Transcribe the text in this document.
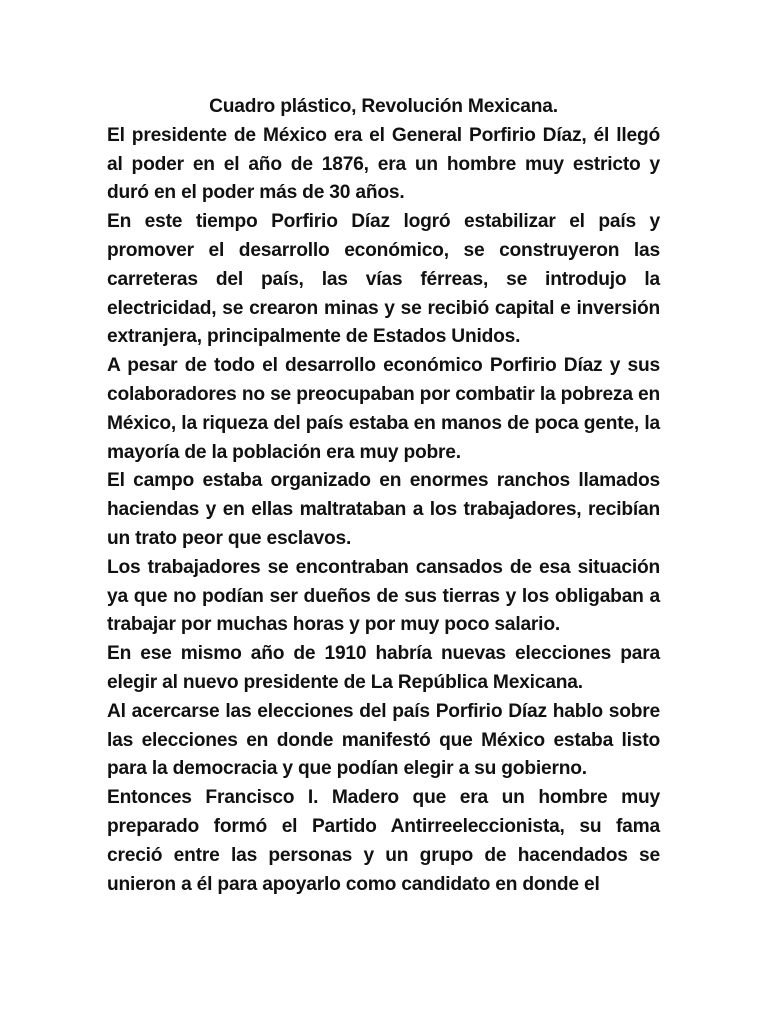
Cuadro plástico, Revolución Mexicana.

El presidente de México era el General Porfirio Díaz, él llegó al poder en el año de 1876, era un hombre muy estricto y duró en el poder más de 30 años.

En este tiempo Porfirio Díaz logró estabilizar el país y promover el desarrollo económico, se construyeron las carreteras del país, las vías férreas, se introdujo la electricidad, se crearon minas y se recibió capital e inversión extranjera, principalmente de Estados Unidos.

A pesar de todo el desarrollo económico Porfirio Díaz y sus colaboradores no se preocupaban por combatir la pobreza en México, la riqueza del país estaba en manos de poca gente, la mayoría de la población era muy pobre.

El campo estaba organizado en enormes ranchos llamados haciendas y en ellas maltrataban a los trabajadores, recibían un trato peor que esclavos.

Los trabajadores se encontraban cansados de esa situación ya que no podían ser dueños de sus tierras y los obligaban a trabajar por muchas horas y por muy poco salario.

En ese mismo año de 1910 habría nuevas elecciones para elegir al nuevo presidente de La República Mexicana.

Al acercarse las elecciones del país Porfirio Díaz hablo sobre las elecciones en donde manifestó que México estaba listo para la democracia y que podían elegir a su gobierno.

Entonces Francisco I. Madero que era un hombre muy preparado formó el Partido Antirreeleccionista, su fama creció entre las personas y un grupo de hacendados se unieron a él para apoyarlo como candidato en donde el
